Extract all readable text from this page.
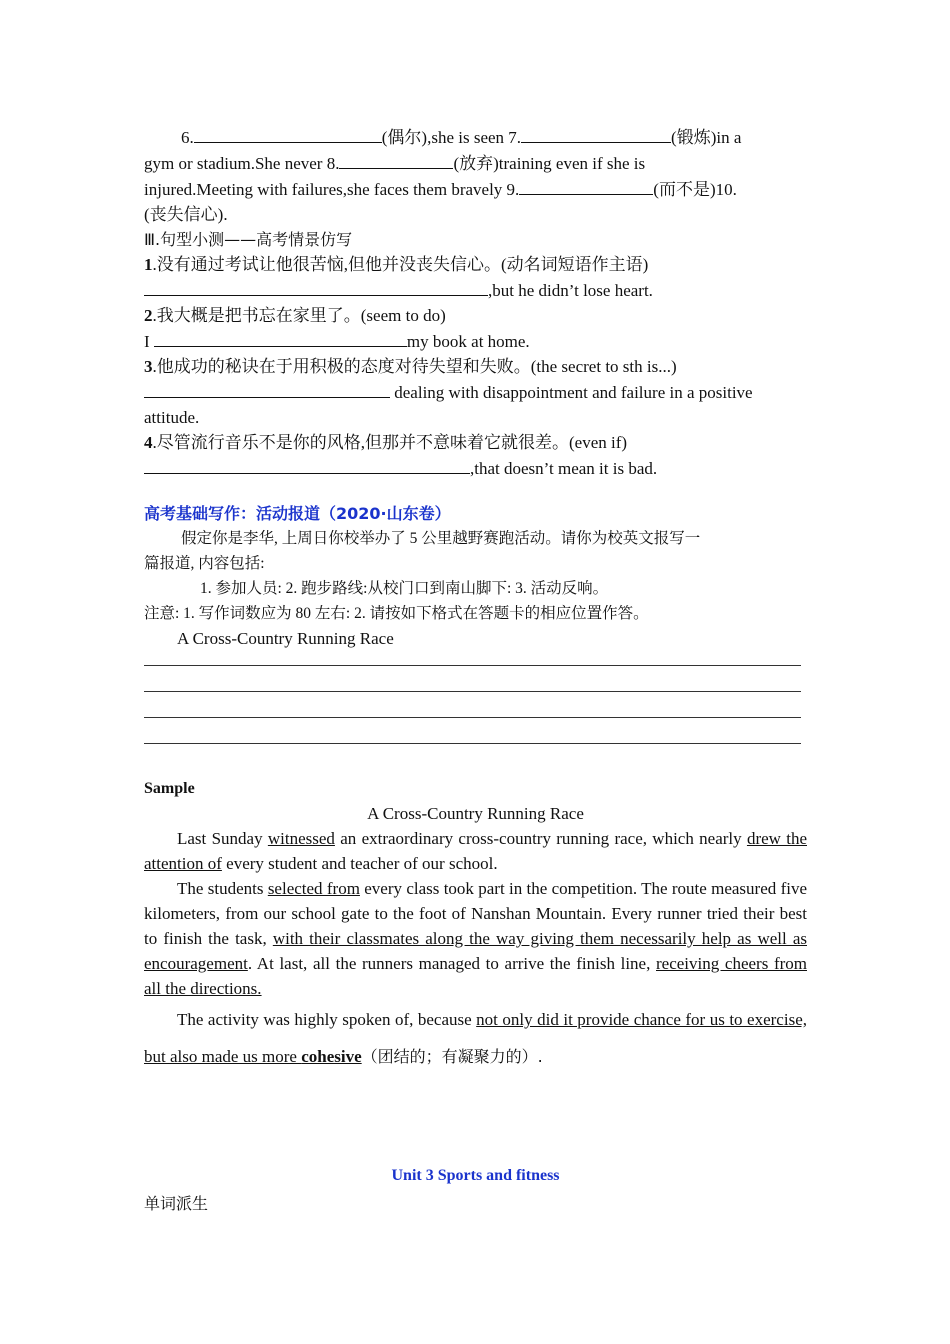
6.	(偶尔),she is seen 7.	(锻炼)in a
gym or stadium.She never 8.	(放弃)training even if she is
injured.Meeting with failures,she faces them bravely 9.	(而不是)10.
(丧失信心).
Ⅲ.句型小测——高考情景仿写
1.没有通过考试让他很苦恼,但他并没丧失信心。(动名词短语作主语)
,but he didn’t lose heart.
2.我大概是把书忘在家里了。(seem to do)
I	my book at home.
3.他成功的秘诀在于用积极的态度对待失望和失败。(the secret to sth is...)
dealing with disappointment and failure in a positive
attitude.
4.尽管流行音乐不是你的风格,但那并不意味着它就很差。(even if)
,that doesn’t mean it is bad.
高考基础写作：活动报道（2020·山东卷）
假定你是李华, 上周日你校举办了 5 公里越野赛跑活动。请你为校英文报写一
篇报道, 内容包括:
1. 参加人员: 2. 跑步路线:从校门口到南山脚下: 3. 活动反响。
注意: 1. 写作词数应为 80 左右: 2. 请按如下格式在答题卡的相应位置作答。
A Cross-Country Running Race
Sample
A Cross-Country Running Race
Last Sunday witnessed an extraordinary cross-country running race, which nearly drew the attention of every student and teacher of our school.
The students selected from every class took part in the competition. The route measured five kilometers, from our school gate to the foot of Nanshan Mountain. Every runner tried their best to finish the task, with their classmates along the way giving them necessarily help as well as encouragement. At last, all the runners managed to arrive the finish line, receiving cheers from all the directions.
The activity was highly spoken of, because not only did it provide chance for us to exercise, but also made us more cohesive（团结的；有凝聚力的）.
Unit 3 Sports and fitness
单词派生
